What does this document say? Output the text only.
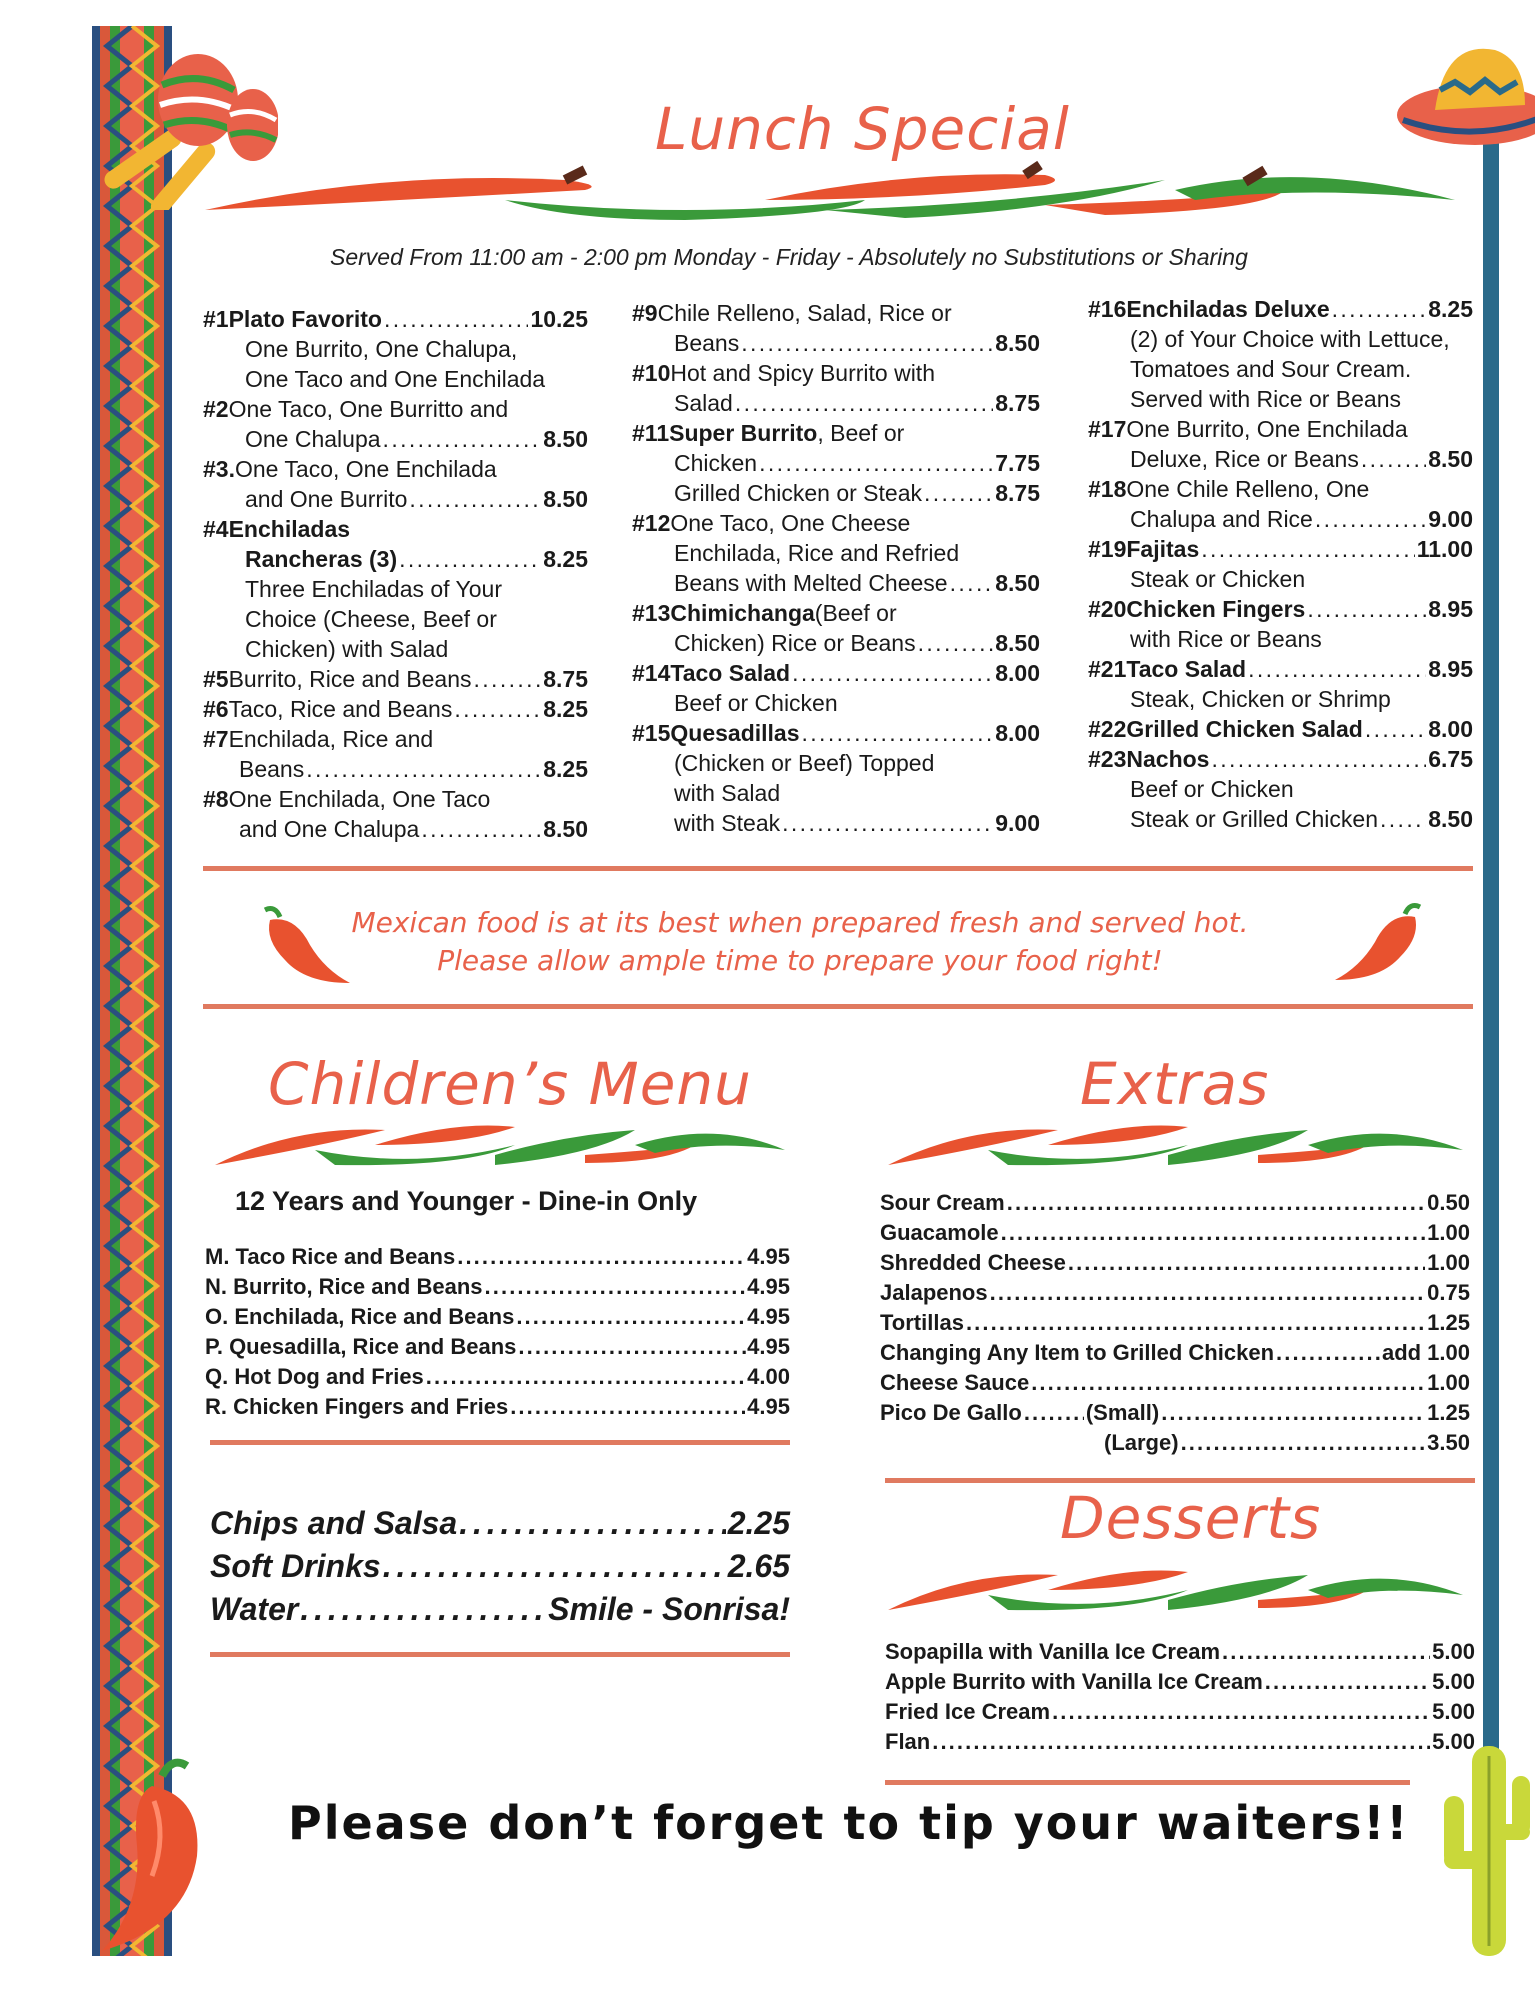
Lunch Special
Served From 11:00 am - 2:00 pm Monday - Friday - Absolutely no Substitutions or Sharing
#1 Plato Favorito . . .	10.25
One Burrito, One Chalupa,
One Taco and One Enchilada
#2 One Taco, One Burritto and
One Chalupa . . .	8.50
#3. One Taco, One Enchilada
and One Burrito . . .	8.50
#4 Enchiladas
Rancheras (3) . . .	8.25
Three Enchiladas of Your
Choice (Cheese, Beef or
Chicken) with Salad
#5 Burrito, Rice and Beans . . .	8.75
#6 Taco, Rice and Beans . . .	8.25
#7 Enchilada, Rice and
Beans . . .	8.25
#8 One Enchilada, One Taco
and One Chalupa . . .	8.50
#9 Chile Relleno, Salad, Rice or
Beans . . .	8.50
#10 Hot and Spicy Burrito with
Salad . . .	8.75
#11 Super Burrito , Beef or
Chicken . . .	7.75
Grilled Chicken or Steak . . .	8.75
#12 One Taco, One Cheese
Enchilada, Rice and Refried
Beans with Melted Cheese . . . 8.50
#13 Chimichanga (Beef or
Chicken) Rice or Beans . . .	8.50
#14 Taco Salad . . .	8.00
Beef or Chicken
#15 Quesadillas . . .	8.00
(Chicken or Beef) Topped
with Salad
with Steak . . .	9.00
#16 Enchiladas Deluxe . . .	8.25
(2) of Your Choice with Lettuce,
Tomatoes and Sour Cream.
Served with Rice or Beans
#17 One Burrito, One Enchilada
Deluxe, Rice or Beans . . .	8.50
#18 One Chile Relleno, One
Chalupa and Rice . . .	9.00
#19 Fajitas . . .	11.00
Steak or Chicken
#20 Chicken Fingers . . .	8.95
with Rice or Beans
#21 Taco Salad . . .	8.95
Steak, Chicken or Shrimp
#22 Grilled Chicken Salad . . .	8.00
#23 Nachos . . .	6.75
Beef or Chicken
Steak or Grilled Chicken . . . 8.50
Mexican food is at its best when prepared fresh and served hot.
Please allow ample time to prepare your food right!
Children’s Menu
12 Years and Younger - Dine-in Only
M. Taco Rice and Beans . . .	4.95
N. Burrito, Rice and Beans . . .	4.95
O. Enchilada, Rice and Beans . . .	4.95
P. Quesadilla, Rice and Beans . . .	.4.95
Q. Hot Dog and Fries . . .	4.00
R. Chicken Fingers and Fries . . .	4.95
Chips and Salsa . . .	2.25
Soft Drinks . . .	2.65
Water . . .	Smile - Sonrisa!
Extras
Sour Cream . . .	0.50
Guacamole . . .	1.00
Shredded Cheese . . .	1.00
Jalapenos . . .	0.75
Tortillas . . .	1.25
Changing Any Item to Grilled Chicken . . .	add 1.00
Cheese Sauce . . .	1.00
Pico De Gallo . . .	(Small) . . .	1.25
(Large) . . .	3.50
Desserts
Sopapilla with Vanilla Ice Cream . . .	5.00
Apple Burrito with Vanilla Ice Cream . . .	5.00
Fried Ice Cream . . .	5.00
Flan . . .	5.00
Please don’t forget to tip your waiters!!
